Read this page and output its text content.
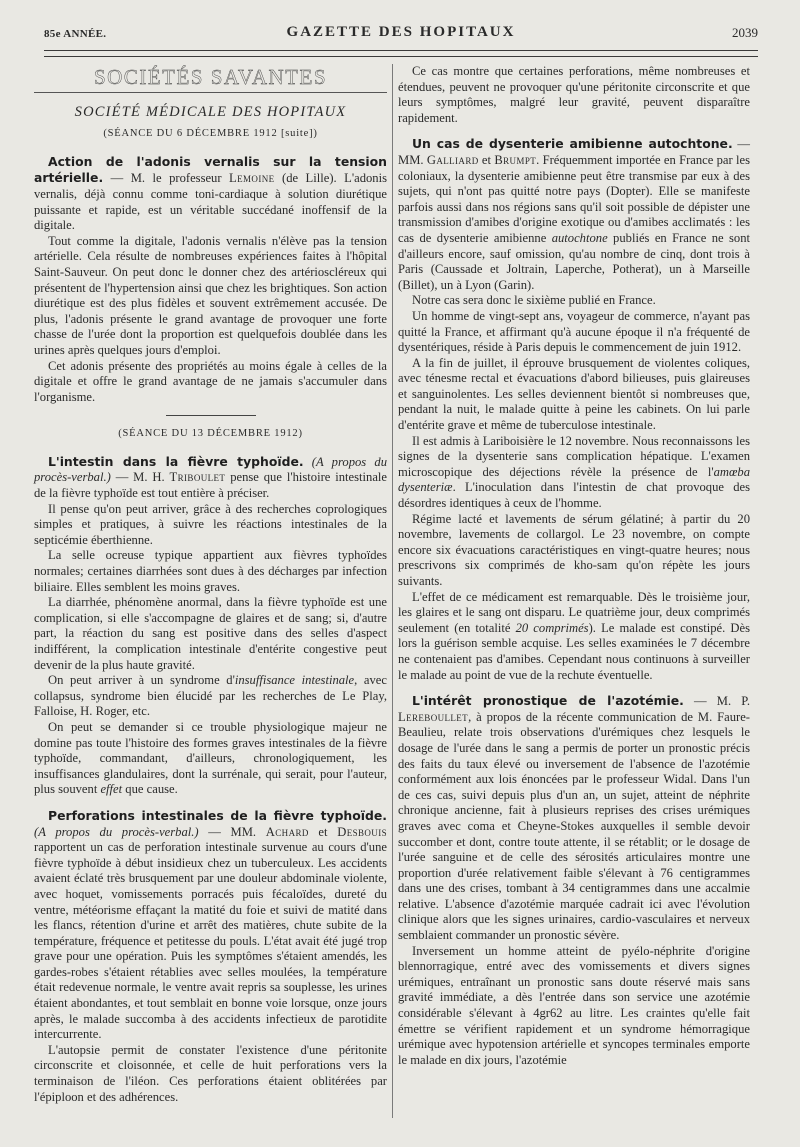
85e ANNÉE.	GAZETTE DES HOPITAUX	2039
SOCIÉTÉS SAVANTES
SOCIÉTÉ MÉDICALE DES HOPITAUX
(SÉANCE DU 6 DÉCEMBRE 1912 [suite])

Action de l'adonis vernalis sur la tension artérielle. — M. le professeur Lemoine (de Lille). L'adonis vernalis, déjà connu comme toni-cardiaque à solution diurétique puissante et rapide, est un véritable succédané inoffensif de la digitale.

Tout comme la digitale, l'adonis vernalis n'élève pas la tension artérielle. Cela résulte de nombreuses expériences faites à l'hôpital Saint-Sauveur. On peut donc le donner chez des artérioscléreux qui présentent de l'hypertension ainsi que chez les brightiques. Son action diurétique est des plus fidèles et souvent extrêmement accusée. De plus, l'adonis présente le grand avantage de provoquer une forte chasse de l'urée dont la proportion est quelquefois doublée dans les urines après quelques jours d'emploi.

Cet adonis présente des propriétés au moins égale à celles de la digitale et offre le grand avantage de ne jamais s'accumuler dans l'organisme.

(SÉANCE DU 13 DÉCEMBRE 1912)

L'intestin dans la fièvre typhoïde. (A propos du procès-verbal.) — M. H. Triboulet pense que l'histoire intestinale de la fièvre typhoïde est tout entière à préciser.

Il pense qu'on peut arriver, grâce à des recherches coprologiques simples et pratiques, à suivre les réactions intestinales de la septicémie éberthienne.

La selle ocreuse typique appartient aux fièvres typhoïdes normales; certaines diarrhées sont dues à des décharges par infection biliaire. Elles semblent les moins graves.

La diarrhée, phénomène anormal, dans la fièvre typhoïde est une complication, si elle s'accompagne de glaires et de sang; si, d'autre part, la réaction du sang est positive dans des selles d'aspect indifférent, la complication intestinale d'entérite congestive peut devenir de la plus haute gravité.

On peut arriver à un syndrome d'insuffisance intestinale, avec collapsus, syndrome bien élucidé par les recherches de Le Play, Falloise, H. Roger, etc.

On peut se demander si ce trouble physiologique majeur ne domine pas toute l'histoire des formes graves intestinales de la fièvre typhoïde, commandant, d'ailleurs, chronologiquement, les insuffisances glandulaires, dont la surrénale, qui serait, pour l'auteur, plus souvent effet que cause.

Perforations intestinales de la fièvre typhoïde. (A propos du procès-verbal.) — MM. Achard et Desbouis rapportent un cas de perforation intestinale survenue au cours d'une fièvre typhoïde à début insidieux chez un tuberculeux. Les accidents avaient éclaté très brusquement par une douleur abdominale violente, avec hoquet, vomissements porracés puis fécaloïdes, dureté du ventre, météorisme effaçant la matité du foie et suivi de matité dans les flancs, rétention d'urine et arrêt des matières, chute subite de la température, fréquence et petitesse du pouls. L'état avait été jugé trop grave pour une opération. Puis les symptômes s'étaient amendés, les gardes-robes s'étaient rétablies avec selles moulées, la température était redevenue normale, le ventre avait repris sa souplesse, les urines étaient abondantes, et tout semblait en bonne voie lorsque, onze jours après, le malade succomba à des accidents infectieux de parotidite intercurrente.

L'autopsie permit de constater l'existence d'une péritonite circonscrite et cloisonnée, et celle de huit perforations vers la terminaison de l'iléon. Ces perforations étaient oblitérées par l'épiploon et des adhérences.

Ce cas montre que certaines perforations, même nombreuses et étendues, peuvent ne provoquer qu'une péritonite circonscrite et que leurs symptômes, malgré leur gravité, peuvent disparaître rapidement.

Un cas de dysenterie amibienne autochtone. — MM. Galliard et Brumpt. Fréquemment importée en France par les coloniaux, la dysenterie amibienne peut être transmise par eux à des sujets, qui n'ont pas quitté notre pays (Dopter). Elle se manifeste parfois aussi dans nos régions sans qu'il soit possible de dépister une transmission d'amibes d'origine exotique ou d'amibes acclimatés : les cas de dysenterie amibienne autochtone publiés en France ne sont d'ailleurs encore, sauf omission, qu'au nombre de cinq, dont trois à Paris (Caussade et Joltrain, Laperche, Potherat), un à Marseille (Billet), un à Lyon (Garin).

Notre cas sera donc le sixième publié en France.

Un homme de vingt-sept ans, voyageur de commerce, n'ayant pas quitté la France, et affirmant qu'à aucune époque il n'a fréquenté de dysentériques, réside à Paris depuis le commencement de juin 1912.

A la fin de juillet, il éprouve brusquement de violentes coliques, avec ténesme rectal et évacuations d'abord bilieuses, puis glaireuses et sanguinolentes. Les selles deviennent bientôt si nombreuses que, pendant la nuit, le malade quitte à peine les cabinets. On lui parle d'entérite grave et même de tuberculose intestinale.

Il est admis à Lariboisière le 12 novembre. Nous reconnaissons les signes de la dysenterie sans complication hépatique. L'examen microscopique des déjections révèle la présence de l'amœba dysenteriæ. L'inoculation dans l'intestin de chat provoque des désordres identiques à ceux de l'homme.

Régime lacté et lavements de sérum gélatiné; à partir du 20 novembre, lavements de collargol. Le 23 novembre, on compte encore six évacuations caractéristiques en vingt-quatre heures; nous prescrivons six comprimés de kho-sam qu'on répète les jours suivants.

L'effet de ce médicament est remarquable. Dès le troisième jour, les glaires et le sang ont disparu. Le quatrième jour, deux comprimés seulement (en totalité 20 comprimés). Le malade est constipé. Dès lors la guérison semble acquise. Les selles examinées le 7 décembre ne contenaient pas d'amibes. Cependant nous continuons à surveiller le malade au point de vue de la rechute éventuelle.

L'intérêt pronostique de l'azotémie. — M. P. Lereboullet, à propos de la récente communication de M. Faure-Beaulieu, relate trois observations d'urémiques chez lesquels le dosage de l'urée dans le sang a permis de porter un pronostic précis des faits du taux élevé ou inversement de l'absence de l'azotémie conformément aux lois énoncées par le professeur Widal. Dans l'un de ces cas, suivi depuis plus d'un an, un sujet, atteint de néphrite chronique ancienne, fait à plusieurs reprises des crises urémiques graves avec coma et Cheyne-Stokes auxquelles il semble devoir succomber et dont, contre toute attente, il se rétablit; or le dosage de l'urée sanguine et de celle des sérosités articulaires montre une proportion d'urée relativement faible s'élevant à 76 centigrammes dans une des crises, tombant à 34 centigrammes dans une accalmie relative. L'absence d'azotémie marquée cadrait ici avec l'évolution clinique alors que les signes urinaires, cardio-vasculaires et nerveux semblaient commander un pronostic sévère.

Inversement un homme atteint de pyélo-néphrite d'origine blennorragique, entré avec des vomissements et divers signes urémiques, entraînant un pronostic sans doute réservé mais sans gravité immédiate, a dès l'entrée dans son service une azotémie considérable s'élevant à 4gr62 au litre. Les craintes qu'elle fait émettre se vérifient rapidement et un syndrome hémorragique urémique avec hypotension artérielle et syncopes terminales emporte le malade en dix jours, l'azotémie
